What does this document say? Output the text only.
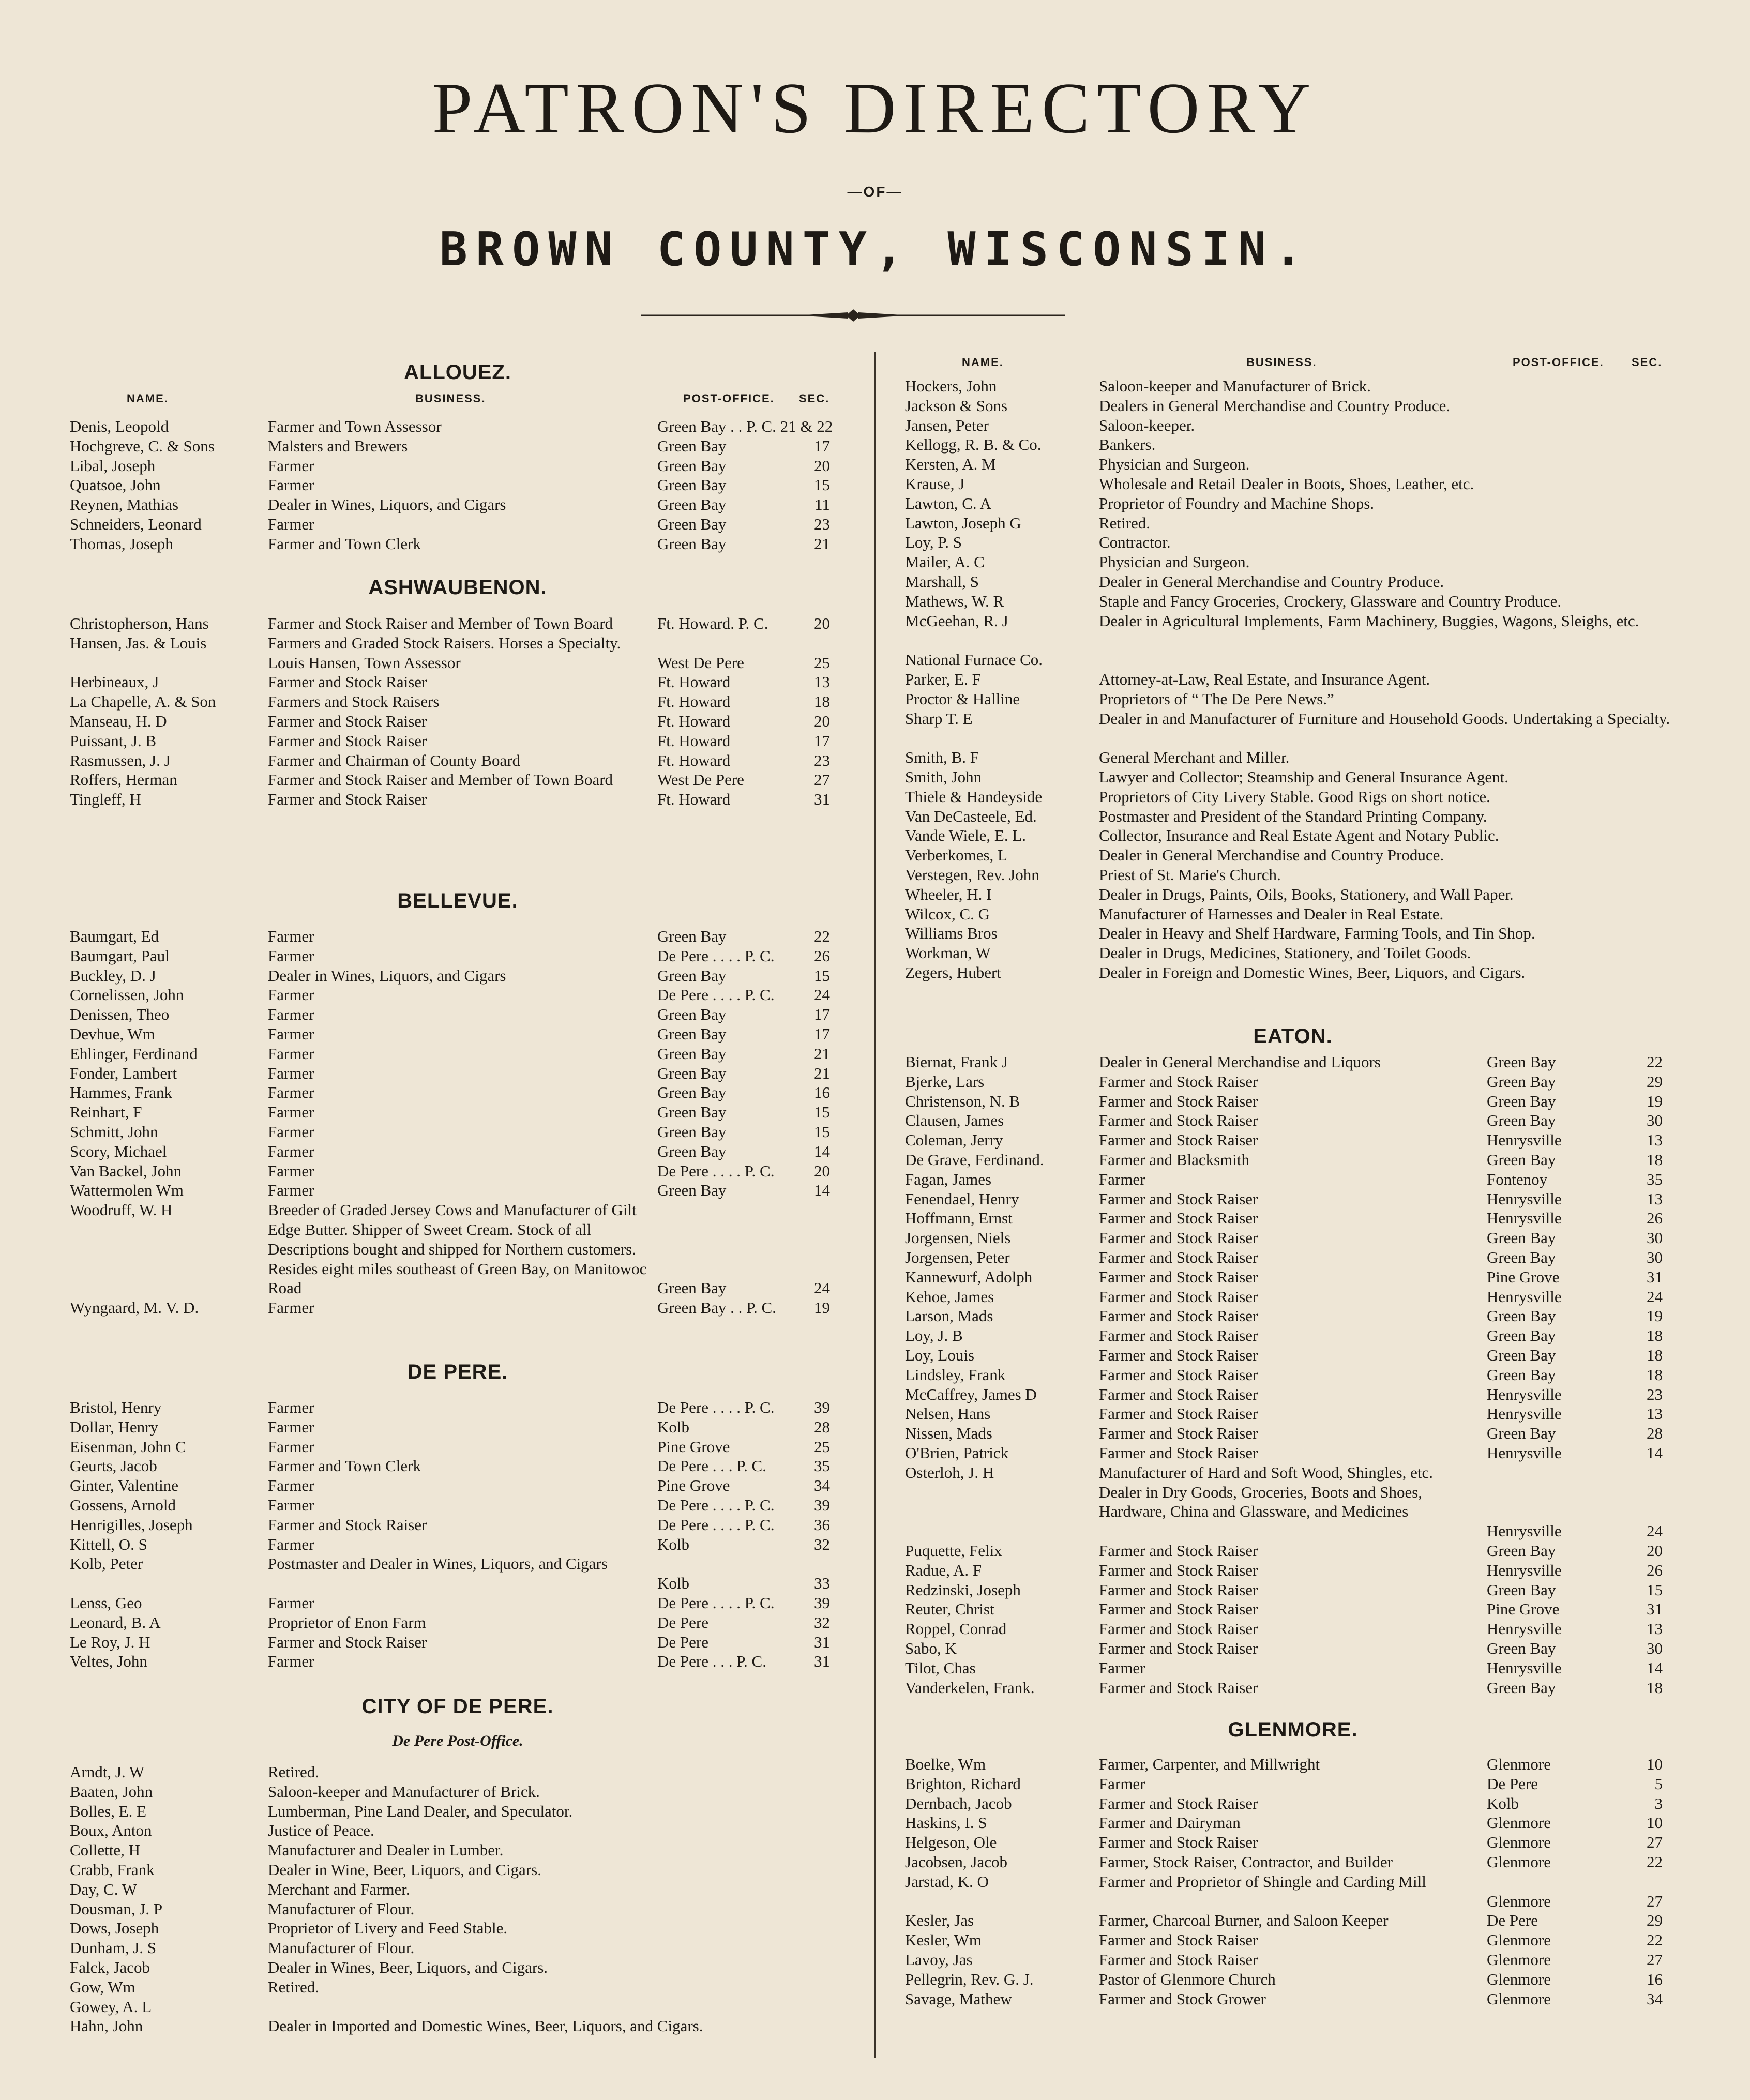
PATRON'S DIRECTORY
—OF—
BROWN COUNTY, WISCONSIN.
ALLOUEZ.
NAME.	BUSINESS.	POST-OFFICE. SEC.
Denis, Leopold	Farmer and Town Assessor	Green Bay . . P. C. 21 & 22
Hochgreve, C. & Sons	Malsters and Brewers	Green Bay	17
Libal, Joseph	Farmer	Green Bay	20
Quatsoe, John	Farmer	Green Bay	15
Reynen, Mathias	Dealer in Wines, Liquors, and Cigars	Green Bay	11
Schneiders, Leonard	Farmer	Green Bay	23
Thomas, Joseph	Farmer and Town Clerk	Green Bay	21
ASHWAUBENON.
Christopherson, Hans	Farmer and Stock Raiser and Member of Town Board	Ft. Howard. P. C.	20
Hansen, Jas. & Louis	Farmers and Graded Stock Raisers. Horses a Specialty. Louis Hansen, Town Assessor	West De Pere	25
Herbineaux, J	Farmer and Stock Raiser	Ft. Howard	13
La Chapelle, A. & Son	Farmers and Stock Raisers	Ft. Howard	18
Manseau, H. D	Farmer and Stock Raiser	Ft. Howard	20
Puissant, J. B	Farmer and Stock Raiser	Ft. Howard	17
Rasmussen, J. J	Farmer and Chairman of County Board	Ft. Howard	23
Roffers, Herman	Farmer and Stock Raiser and Member of Town Board	West De Pere	27
Tingleff, H	Farmer and Stock Raiser	Ft. Howard	31
BELLEVUE.
Baumgart, Ed	Farmer	Green Bay	22
Baumgart, Paul	Farmer	De Pere . . . . P. C.	26
Buckley, D. J	Dealer in Wines, Liquors, and Cigars	Green Bay	15
Cornelissen, John	Farmer	De Pere . . . . P. C.	24
Denissen, Theo	Farmer	Green Bay	17
Devhue, Wm	Farmer	Green Bay	17
Ehlinger, Ferdinand	Farmer	Green Bay	21
Fonder, Lambert	Farmer	Green Bay	21
Hammes, Frank	Farmer	Green Bay	16
Reinhart, F	Farmer	Green Bay	15
Schmitt, John	Farmer	Green Bay	15
Scory, Michael	Farmer	Green Bay	14
Van Backel, John	Farmer	De Pere . . . . P. C.	20
Wattermolen Wm	Farmer	Green Bay	14
Woodruff, W. H	Breeder of Graded Jersey Cows and Manufacturer of Gilt Edge Butter. Shipper of Sweet Cream. Stock of all Descriptions bought and shipped for Northern customers. Resides eight miles southeast of Green Bay, on Manitowoc Road	Green Bay	24
Wyngaard, M. V. D.	Farmer	Green Bay . . P. C.	19
DE PERE.
Bristol, Henry	Farmer	De Pere . . . . P. C.	39
Dollar, Henry	Farmer	Kolb	28
Eisenman, John C	Farmer	Pine Grove	25
Geurts, Jacob	Farmer and Town Clerk	De Pere . . . P. C.	35
Ginter, Valentine	Farmer	Pine Grove	34
Gossens, Arnold	Farmer	De Pere . . . . P. C.	39
Henrigilles, Joseph	Farmer and Stock Raiser	De Pere . . . . P. C.	36
Kittell, O. S	Farmer	Kolb	32
Kolb, Peter	Postmaster and Dealer in Wines, Liquors, and Cigars
Kolb	33
Lenss, Geo	Farmer	De Pere . . . . P. C.	39
Leonard, B. A	Proprietor of Enon Farm	De Pere	32
Le Roy, J. H	Farmer and Stock Raiser	De Pere	31
Veltes, John	Farmer	De Pere . . . P. C.	31
CITY OF DE PERE.
De Pere Post-Office.
Arndt, J. W	Retired.
Baaten, John	Saloon-keeper and Manufacturer of Brick.
Bolles, E. E	Lumberman, Pine Land Dealer, and Speculator.
Boux, Anton	Justice of Peace.
Collette, H	Manufacturer and Dealer in Lumber.
Crabb, Frank	Dealer in Wine, Beer, Liquors, and Cigars.
Day, C. W	Merchant and Farmer.
Dousman, J. P	Manufacturer of Flour.
Dows, Joseph	Proprietor of Livery and Feed Stable.
Dunham, J. S	Manufacturer of Flour.
Falck, Jacob	Dealer in Wines, Beer, Liquors, and Cigars.
Gow, Wm	Retired.
Gowey, A. L
Hahn, John	Dealer in Imported and Domestic Wines, Beer, Liquors, and Cigars.
NAME.	BUSINESS.	POST-OFFICE. SEC.
Hockers, John	Saloon-keeper and Manufacturer of Brick.
Jackson & Sons	Dealers in General Merchandise and Country Produce.
Jansen, Peter	Saloon-keeper.
Kellogg, R. B. & Co.	Bankers.
Kersten, A. M	Physician and Surgeon.
Krause, J	Wholesale and Retail Dealer in Boots, Shoes, Leather, etc.
Lawton, C. A	Proprietor of Foundry and Machine Shops.
Lawton, Joseph G	Retired.
Loy, P. S	Contractor.
Mailer, A. C	Physician and Surgeon.
Marshall, S	Dealer in General Merchandise and Country Produce.
Mathews, W. R	Staple and Fancy Groceries, Crockery, Glassware and Country Produce.
McGeehan, R. J	Dealer in Agricultural Implements, Farm Machinery, Buggies, Wagons, Sleighs, etc.
National Furnace Co.
Parker, E. F	Attorney-at-Law, Real Estate, and Insurance Agent.
Proctor & Halline	Proprietors of “ The De Pere News.”
Sharp T. E	Dealer in and Manufacturer of Furniture and Household Goods. Undertaking a Specialty.
Smith, B. F	General Merchant and Miller.
Smith, John	Lawyer and Collector; Steamship and General Insurance Agent.
Thiele & Handeyside	Proprietors of City Livery Stable. Good Rigs on short notice.
Van DeCasteele, Ed.	Postmaster and President of the Standard Printing Company.
Vande Wiele, E. L.	Collector, Insurance and Real Estate Agent and Notary Public.
Verberkomes, L	Dealer in General Merchandise and Country Produce.
Verstegen, Rev. John	Priest of St. Marie's Church.
Wheeler, H. I	Dealer in Drugs, Paints, Oils, Books, Stationery, and Wall Paper.
Wilcox, C. G	Manufacturer of Harnesses and Dealer in Real Estate.
Williams Bros	Dealer in Heavy and Shelf Hardware, Farming Tools, and Tin Shop.
Workman, W	Dealer in Drugs, Medicines, Stationery, and Toilet Goods.
Zegers, Hubert	Dealer in Foreign and Domestic Wines, Beer, Liquors, and Cigars.
EATON.
Biernat, Frank J	Dealer in General Merchandise and Liquors	Green Bay	22
Bjerke, Lars	Farmer and Stock Raiser	Green Bay	29
Christenson, N. B	Farmer and Stock Raiser	Green Bay	19
Clausen, James	Farmer and Stock Raiser	Green Bay	30
Coleman, Jerry	Farmer and Stock Raiser	Henrysville	13
De Grave, Ferdinand.	Farmer and Blacksmith	Green Bay	18
Fagan, James	Farmer	Fontenoy	35
Fenendael, Henry	Farmer and Stock Raiser	Henrysville	13
Hoffmann, Ernst	Farmer and Stock Raiser	Henrysville	26
Jorgensen, Niels	Farmer and Stock Raiser	Green Bay	30
Jorgensen, Peter	Farmer and Stock Raiser	Green Bay	30
Kannewurf, Adolph	Farmer and Stock Raiser	Pine Grove	31
Kehoe, James	Farmer and Stock Raiser	Henrysville	24
Larson, Mads	Farmer and Stock Raiser	Green Bay	19
Loy, J. B	Farmer and Stock Raiser	Green Bay	18
Loy, Louis	Farmer and Stock Raiser	Green Bay	18
Lindsley, Frank	Farmer and Stock Raiser	Green Bay	18
McCaffrey, James D	Farmer and Stock Raiser	Henrysville	23
Nelsen, Hans	Farmer and Stock Raiser	Henrysville	13
Nissen, Mads	Farmer and Stock Raiser	Green Bay	28
O'Brien, Patrick	Farmer and Stock Raiser	Henrysville	14
Osterloh, J. H	Manufacturer of Hard and Soft Wood, Shingles, etc. Dealer in Dry Goods, Groceries, Boots and Shoes, Hardware, China and Glassware, and Medicines
Henrysville	24
Puquette, Felix	Farmer and Stock Raiser	Green Bay	20
Radue, A. F	Farmer and Stock Raiser	Henrysville	26
Redzinski, Joseph	Farmer and Stock Raiser	Green Bay	15
Reuter, Christ	Farmer and Stock Raiser	Pine Grove	31
Roppel, Conrad	Farmer and Stock Raiser	Henrysville	13
Sabo, K	Farmer and Stock Raiser	Green Bay	30
Tilot, Chas	Farmer	Henrysville	14
Vanderkelen, Frank.	Farmer and Stock Raiser	Green Bay	18
GLENMORE.
Boelke, Wm	Farmer, Carpenter, and Millwright	Glenmore	10
Brighton, Richard	Farmer	De Pere	5
Dernbach, Jacob	Farmer and Stock Raiser	Kolb	3
Haskins, I. S	Farmer and Dairyman	Glenmore	10
Helgeson, Ole	Farmer and Stock Raiser	Glenmore	27
Jacobsen, Jacob	Farmer, Stock Raiser, Contractor, and Builder	Glenmore	22
Jarstad, K. O	Farmer and Proprietor of Shingle and Carding Mill
Glenmore	27
Kesler, Jas	Farmer, Charcoal Burner, and Saloon Keeper	De Pere	29
Kesler, Wm	Farmer and Stock Raiser	Glenmore	22
Lavoy, Jas	Farmer and Stock Raiser	Glenmore	27
Pellegrin, Rev. G. J.	Pastor of Glenmore Church	Glenmore	16
Savage, Mathew	Farmer and Stock Grower	Glenmore	34
